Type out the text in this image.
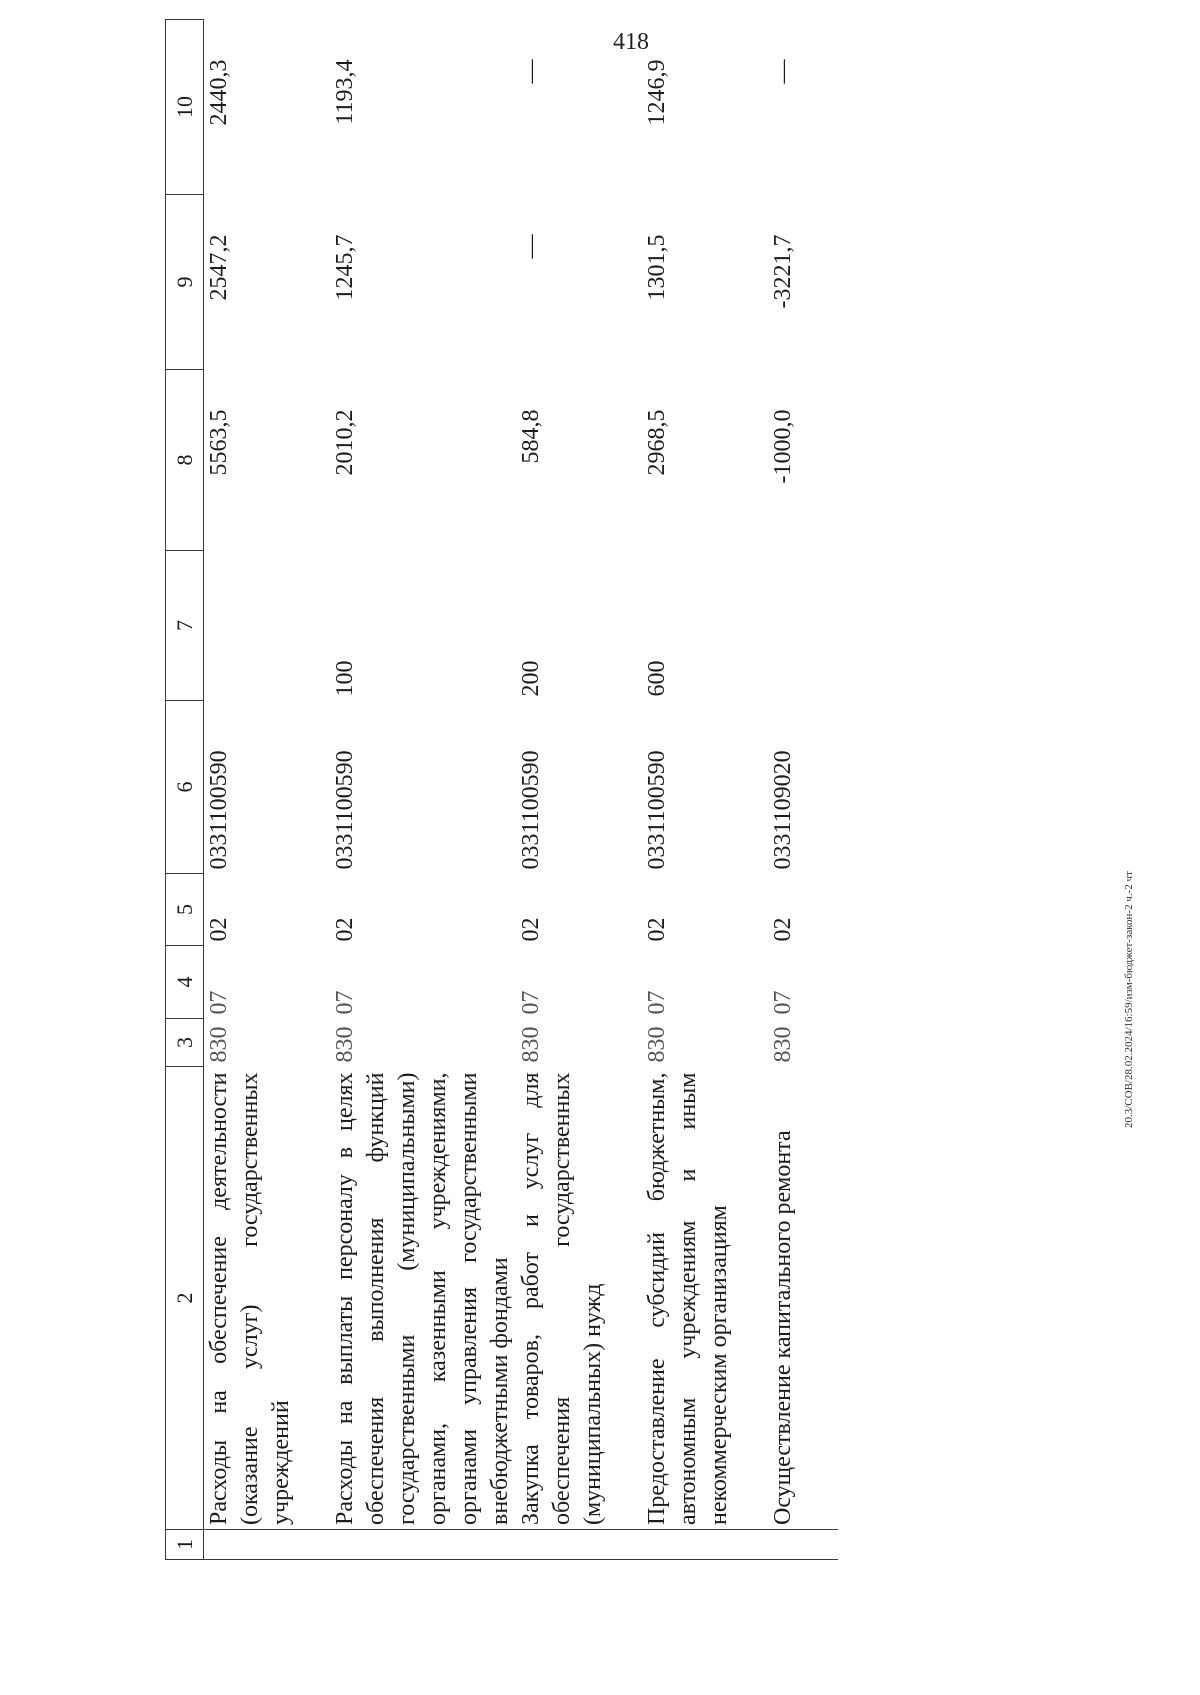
418
20.3/СОВ/28.02.2024/16:59/изм-бюджет-закон-2 ч.-2 чт
1	2	3	4	5	6	7	8	9	10
	Расходы на обеспечение деятельности (оказание услуг) государственных учреждений	830	07	02	0331100590		5563,5	2547,2	2440,3
	Расходы на выплаты персоналу в целях обеспечения выполнения функций государственными (муниципальными) органами, казенными учреждениями, органами управления государственными внебюджетными фондами	830	07	02	0331100590	100	2010,2	1245,7	1193,4
	Закупка товаров, работ и услуг для обеспечения государственных (муниципальных) нужд	830	07	02	0331100590	200	584,8	—	—
	Предоставление субсидий бюджетным, автономным учреждениям и иным некоммерческим организациям	830	07	02	0331100590	600	2968,5	1301,5	1246,9
	Осуществление капитального ремонта	830	07	02	0331109020		-1000,0	-3221,7	—
